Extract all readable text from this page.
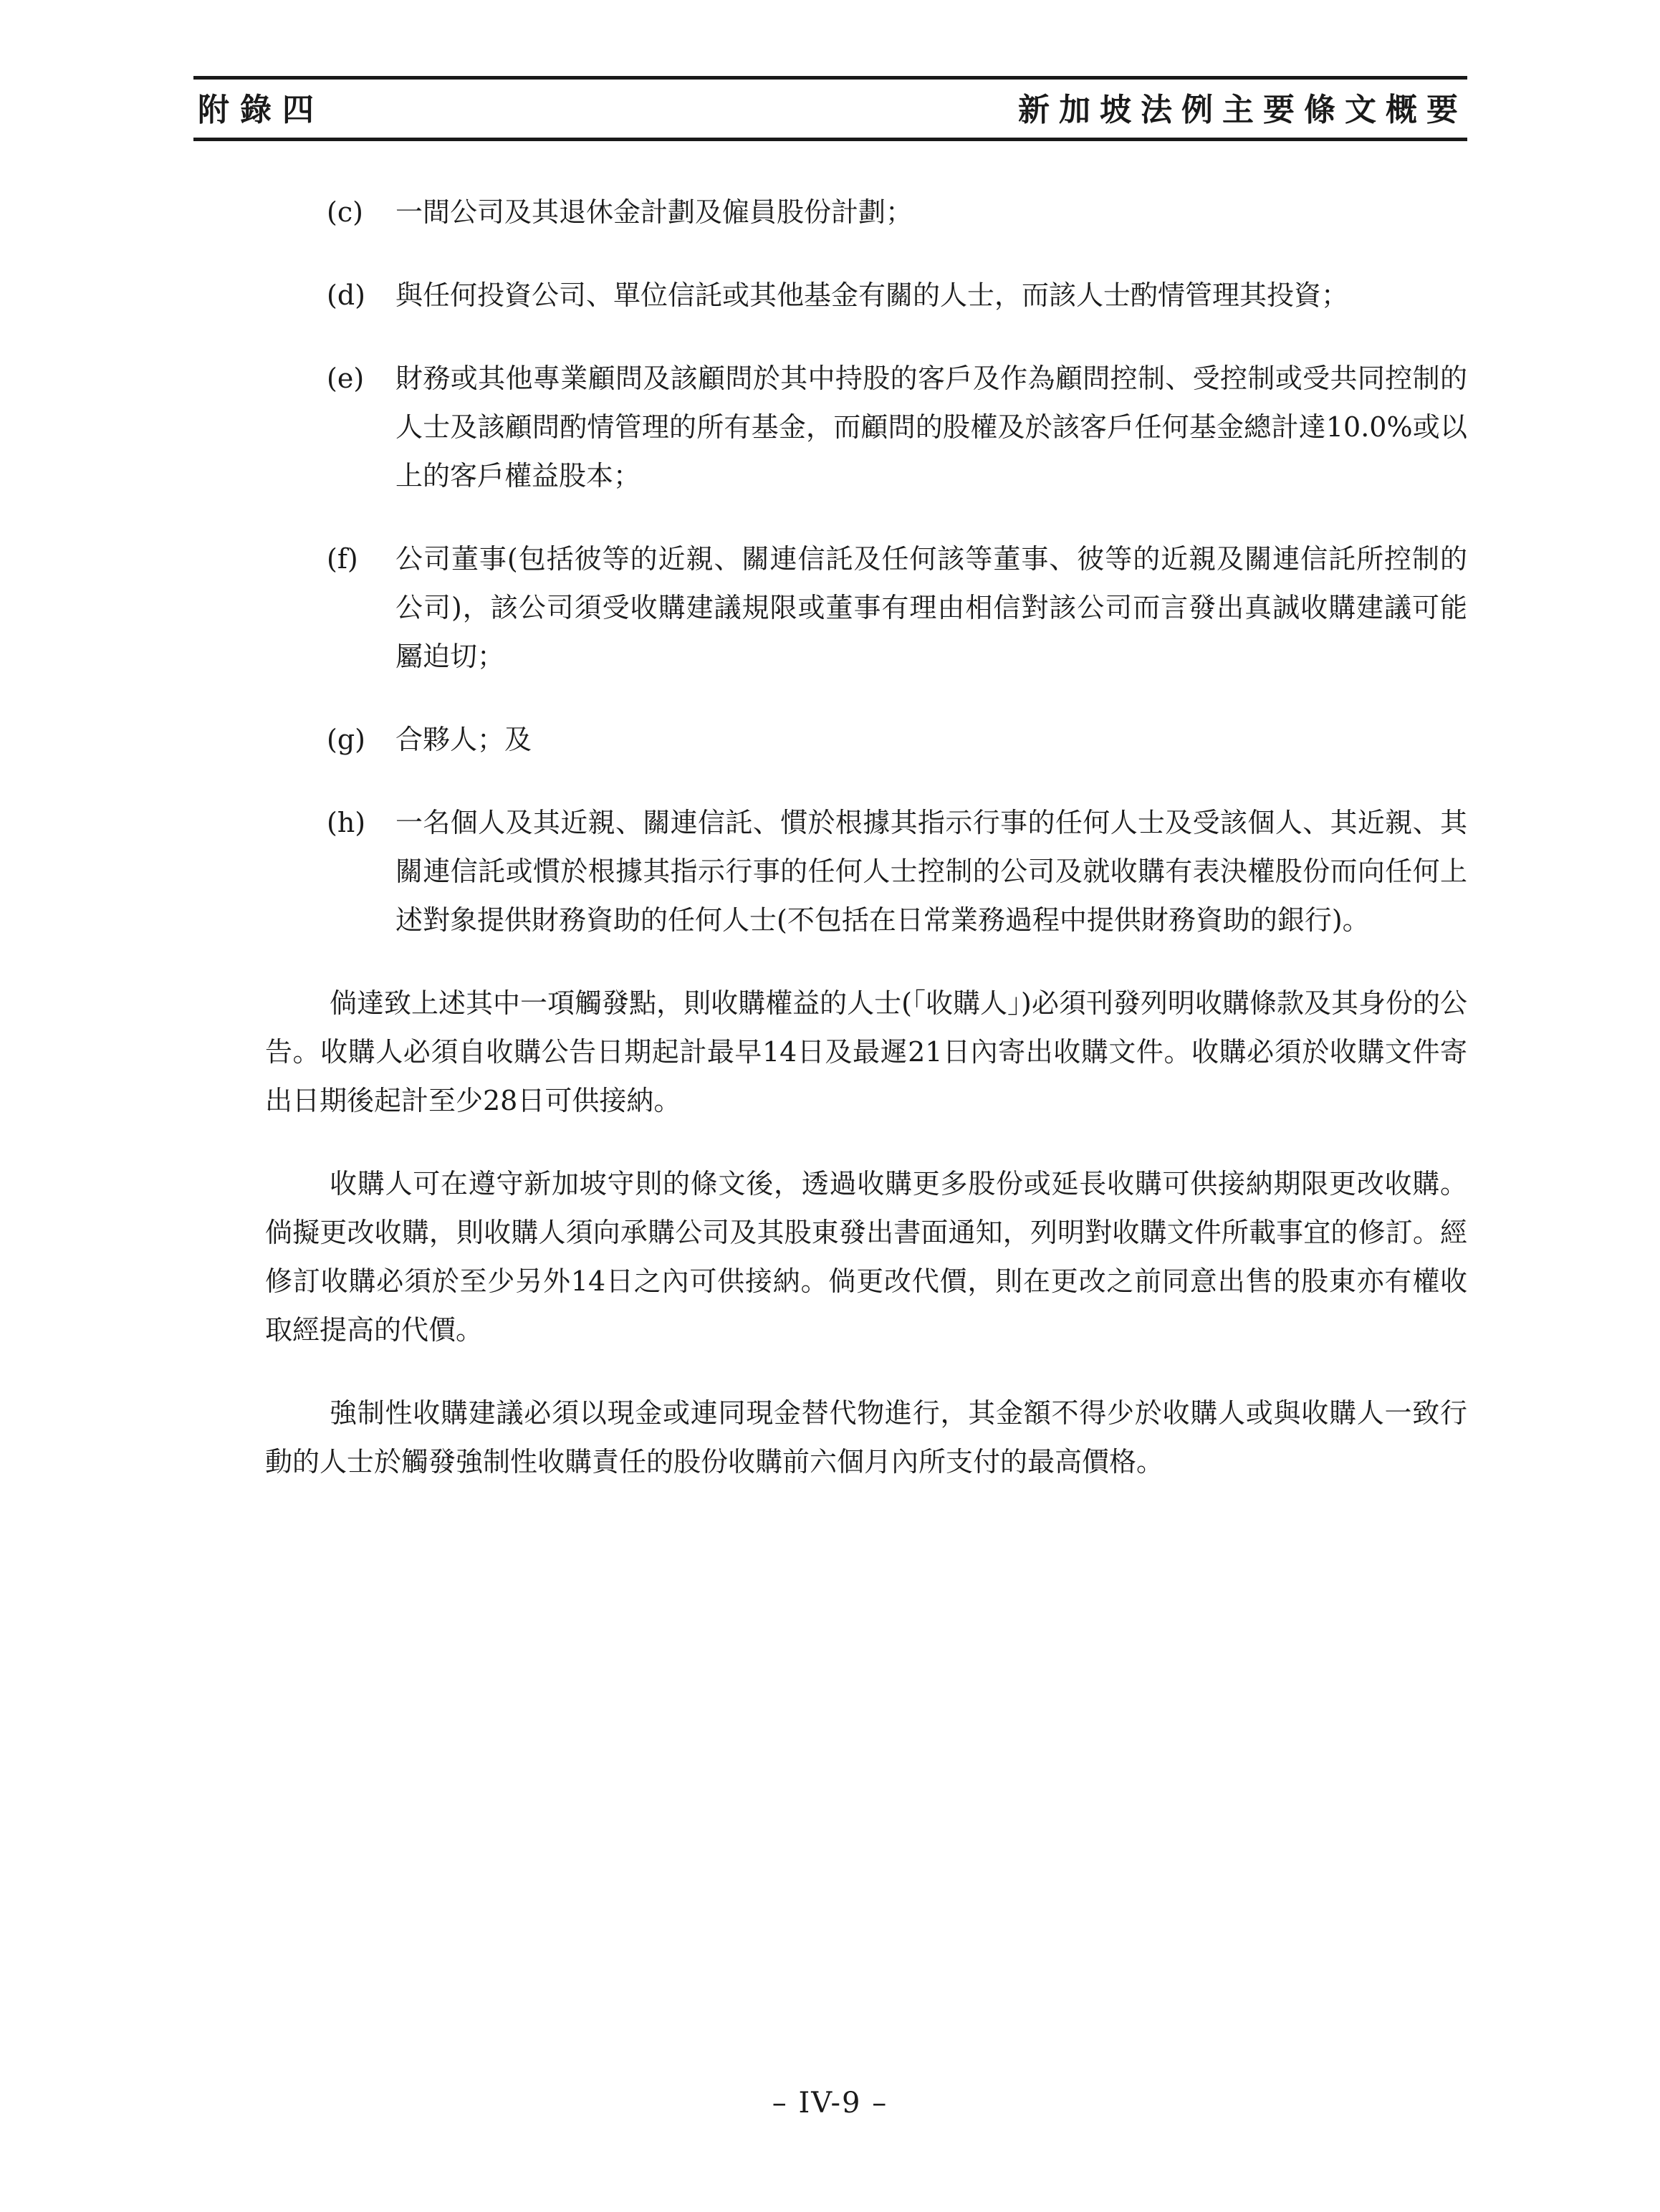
附錄四	新加坡法例主要條文概要
(c) 一間公司及其退休金計劃及僱員股份計劃；
(d) 與任何投資公司、單位信託或其他基金有關的人士，而該人士酌情管理其投資；
(e) 財務或其他專業顧問及該顧問於其中持股的客戶及作為顧問控制、受控制或受共同控制的人士及該顧問酌情管理的所有基金，而顧問的股權及於該客戶任何基金總計達10.0%或以上的客戶權益股本；
(f) 公司董事(包括彼等的近親、關連信託及任何該等董事、彼等的近親及關連信託所控制的公司)，該公司須受收購建議規限或董事有理由相信對該公司而言發出真誠收購建議可能屬迫切；
(g) 合夥人；及
(h) 一名個人及其近親、關連信託、慣於根據其指示行事的任何人士及受該個人、其近親、其關連信託或慣於根據其指示行事的任何人士控制的公司及就收購有表決權股份而向任何上述對象提供財務資助的任何人士(不包括在日常業務過程中提供財務資助的銀行)。

倘達致上述其中一項觸發點，則收購權益的人士(「收購人」)必須刊發列明收購條款及其身份的公告。收購人必須自收購公告日期起計最早14日及最遲21日內寄出收購文件。收購必須於收購文件寄出日期後起計至少28日可供接納。

收購人可在遵守新加坡守則的條文後，透過收購更多股份或延長收購可供接納期限更改收購。倘擬更改收購，則收購人須向承購公司及其股東發出書面通知，列明對收購文件所載事宜的修訂。經修訂收購必須於至少另外14日之內可供接納。倘更改代價，則在更改之前同意出售的股東亦有權收取經提高的代價。

強制性收購建議必須以現金或連同現金替代物進行，其金額不得少於收購人或與收購人一致行動的人士於觸發強制性收購責任的股份收購前六個月內所支付的最高價格。

– IV-9 –
